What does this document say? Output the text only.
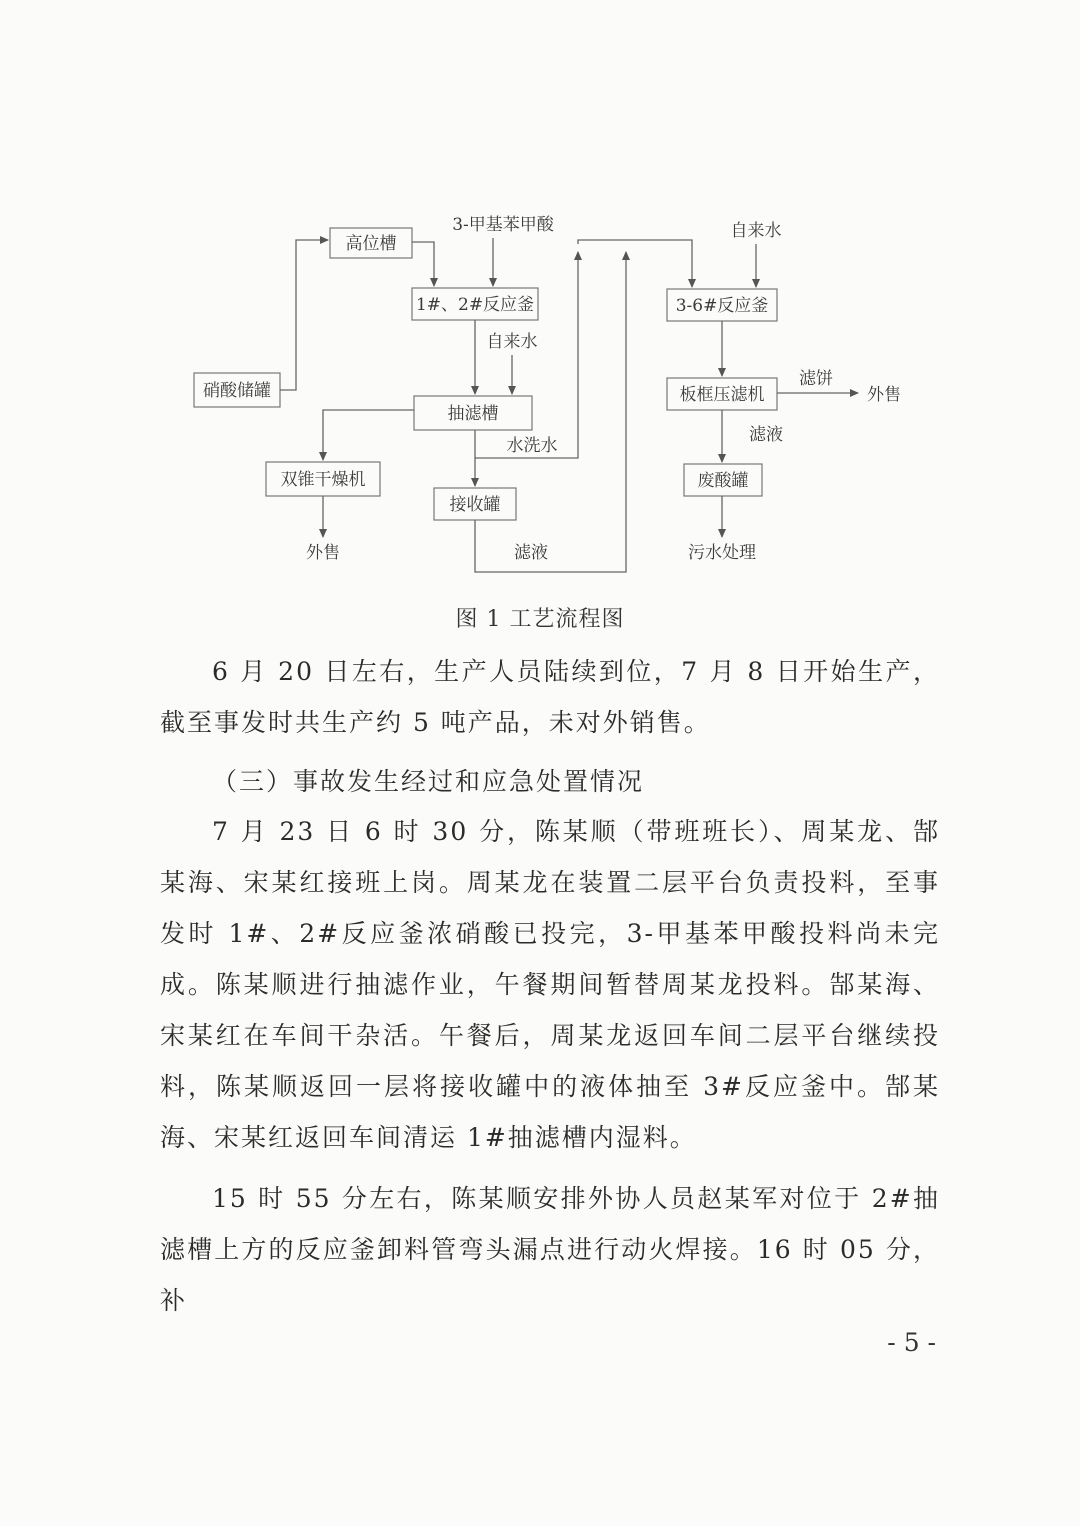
高位槽
硝酸储罐
1#、2#反应釜
抽滤槽
双锥干燥机
接收罐
3-6#反应釜
板框压滤机
废酸罐
3-甲基苯甲酸
自来水
自来水
水洗水
滤液
滤液
滤饼
外售
外售	污水处理
图 1 工艺流程图

6 月 20 日左右，生产人员陆续到位，7 月 8 日开始生产，截至事发时共生产约 5 吨产品，未对外销售。

（三）事故发生经过和应急处置情况

7 月 23 日 6 时 30 分，陈某顺（带班班长）、周某龙、郜某海、宋某红接班上岗。周某龙在装置二层平台负责投料，至事发时 1#、2#反应釜浓硝酸已投完，3-甲基苯甲酸投料尚未完成。陈某顺进行抽滤作业，午餐期间暂替周某龙投料。郜某海、宋某红在车间干杂活。午餐后，周某龙返回车间二层平台继续投料，陈某顺返回一层将接收罐中的液体抽至 3#反应釜中。郜某海、宋某红返回车间清运 1#抽滤槽内湿料。

15 时 55 分左右，陈某顺安排外协人员赵某军对位于 2#抽滤槽上方的反应釜卸料管弯头漏点进行动火焊接。16 时 05 分，补

- 5 -
